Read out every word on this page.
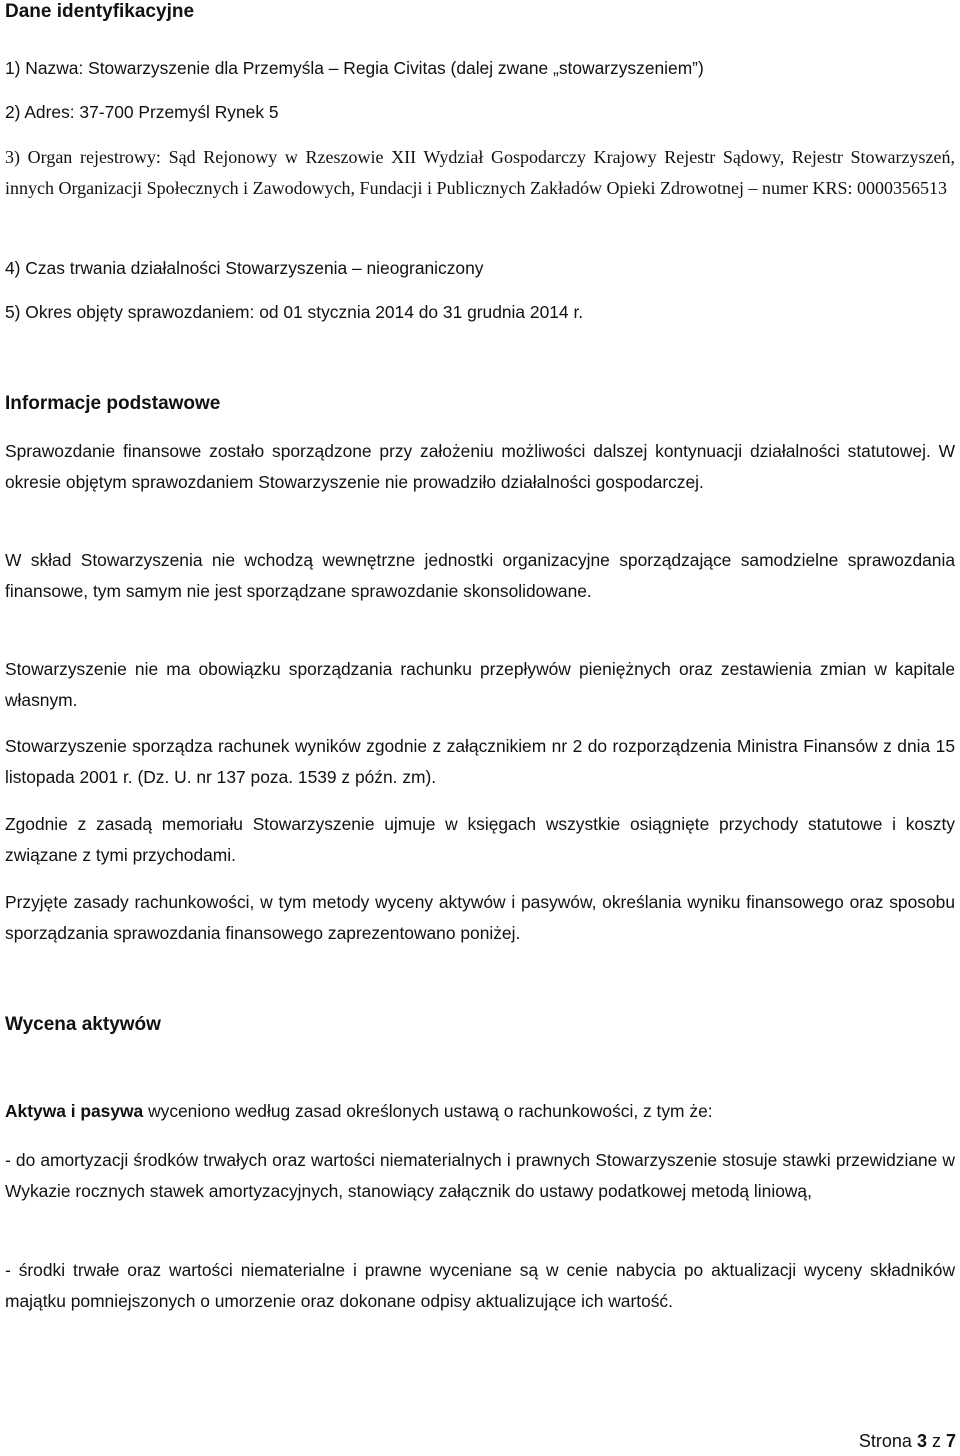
Dane identyfikacyjne

1) Nazwa: Stowarzyszenie dla Przemyśla – Regia Civitas (dalej zwane „stowarzyszeniem”)

2) Adres: 37-700 Przemyśl Rynek 5

3) Organ rejestrowy: Sąd Rejonowy w Rzeszowie XII Wydział Gospodarczy Krajowy Rejestr Sądowy, Rejestr Stowarzyszeń, innych Organizacji Społecznych i Zawodowych, Fundacji i Publicznych Zakładów Opieki Zdrowotnej – numer KRS: 0000356513

4) Czas trwania działalności Stowarzyszenia – nieograniczony

5) Okres objęty sprawozdaniem: od 01 stycznia 2014 do 31 grudnia 2014 r.

Informacje podstawowe

Sprawozdanie finansowe zostało sporządzone przy założeniu możliwości dalszej kontynuacji działalności statutowej. W okresie objętym sprawozdaniem Stowarzyszenie nie prowadziło działalności gospodarczej.

W skład Stowarzyszenia nie wchodzą wewnętrzne jednostki organizacyjne sporządzające samodzielne sprawozdania finansowe, tym samym nie jest sporządzane sprawozdanie skonsolidowane.

Stowarzyszenie nie ma obowiązku sporządzania rachunku przepływów pieniężnych oraz zestawienia zmian w kapitale własnym.

Stowarzyszenie sporządza rachunek wyników zgodnie z załącznikiem nr 2 do rozporządzenia Ministra Finansów z dnia 15 listopada 2001 r. (Dz. U. nr 137 poza. 1539 z późn. zm).

Zgodnie z zasadą memoriału Stowarzyszenie ujmuje w księgach wszystkie osiągnięte przychody statutowe i koszty związane z tymi przychodami.

Przyjęte zasady rachunkowości, w tym metody wyceny aktywów i pasywów, określania wyniku finansowego oraz sposobu sporządzania sprawozdania finansowego zaprezentowano poniżej.

Wycena aktywów

Aktywa i pasywa wyceniono według zasad określonych ustawą o rachunkowości, z tym że:

- do amortyzacji środków trwałych oraz wartości niematerialnych i prawnych Stowarzyszenie stosuje stawki przewidziane w Wykazie rocznych stawek amortyzacyjnych, stanowiący załącznik do ustawy podatkowej metodą liniową,

- środki trwałe oraz wartości niematerialne i prawne wyceniane są w cenie nabycia po aktualizacji wyceny składników majątku pomniejszonych o umorzenie oraz dokonane odpisy aktualizujące ich wartość.

Strona 3 z 7
